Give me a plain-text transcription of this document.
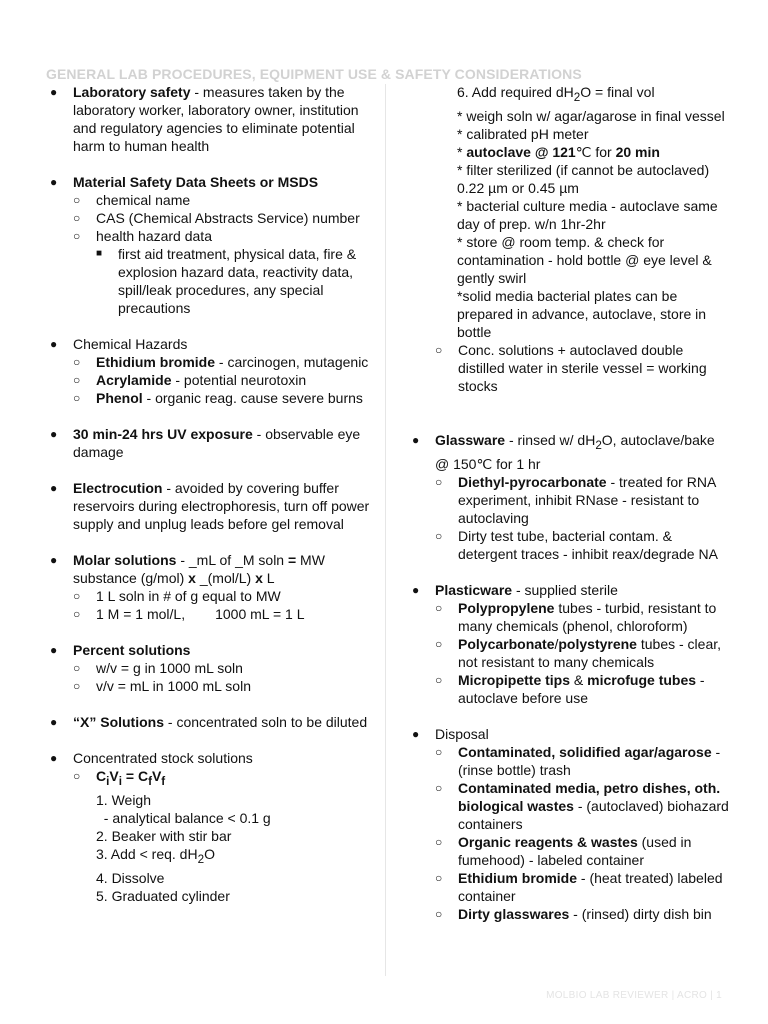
GENERAL LAB PROCEDURES, EQUIPMENT USE & SAFETY CONSIDERATIONS
● Laboratory safety - measures taken by the laboratory worker, laboratory owner, institution and regulatory agencies to eliminate potential harm to human health
● Material Safety Data Sheets or MSDS
○ chemical name
○ CAS (Chemical Abstracts Service) number
○ health hazard data
■ first aid treatment, physical data, fire & explosion hazard data, reactivity data, spill/leak procedures, any special precautions
● Chemical Hazards
○ Ethidium bromide - carcinogen, mutagenic
○ Acrylamide - potential neurotoxin
○ Phenol - organic reag. cause severe burns
● 30 min-24 hrs UV exposure - observable eye damage
● Electrocution - avoided by covering buffer reservoirs during electrophoresis, turn off power supply and unplug leads before gel removal
● Molar solutions - _mL of _M soln = MW substance (g/mol) x _(mol/L) x L
○ 1 L soln in # of g equal to MW
○ 1 M = 1 mol/L, 1000 mL = 1 L
● Percent solutions
○ w/v = g in 1000 mL soln
○ v/v = mL in 1000 mL soln
● “X” Solutions - concentrated soln to be diluted
● Concentrated stock solutions
○ $C_iV_i = C_fV_f$
1. Weigh
- analytical balance < 0.1 g
2. Beaker with stir bar
3. Add < req. $dH_2O$
4. Dissolve
5. Graduated cylinder
6. Add required $dH_2O$ = final vol
* weigh soln w/ agar/agarose in final vessel
* calibrated pH meter
* autoclave @ 121℃ for 20 min
* filter sterilized (if cannot be autoclaved) 0.22 µm or 0.45 µm
* bacterial culture media - autoclave same day of prep. w/n 1hr-2hr
* store @ room temp. & check for contamination - hold bottle @ eye level & gently swirl
*solid media bacterial plates can be prepared in advance, autoclave, store in bottle
○ Conc. solutions + autoclaved double distilled water in sterile vessel = working stocks
● Glassware - rinsed w/ $dH_2O$, autoclave/bake @ 150℃ for 1 hr
○ Diethyl-pyrocarbonate - treated for RNA experiment, inhibit RNase - resistant to autoclaving
○ Dirty test tube, bacterial contam. & detergent traces - inhibit reax/degrade NA
● Plasticware - supplied sterile
○ Polypropylene tubes - turbid, resistant to many chemicals (phenol, chloroform)
○ Polycarbonate/polystyrene tubes - clear, not resistant to many chemicals
○ Micropipette tips & microfuge tubes - autoclave before use
● Disposal
○ Contaminated, solidified agar/agarose - (rinse bottle) trash
○ Contaminated media, petro dishes, oth. biological wastes - (autoclaved) biohazard containers
○ Organic reagents & wastes (used in fumehood) - labeled container
○ Ethidium bromide - (heat treated) labeled container
○ Dirty glasswares - (rinsed) dirty dish bin
MOLBIO LAB REVIEWER | ACRO | 1
